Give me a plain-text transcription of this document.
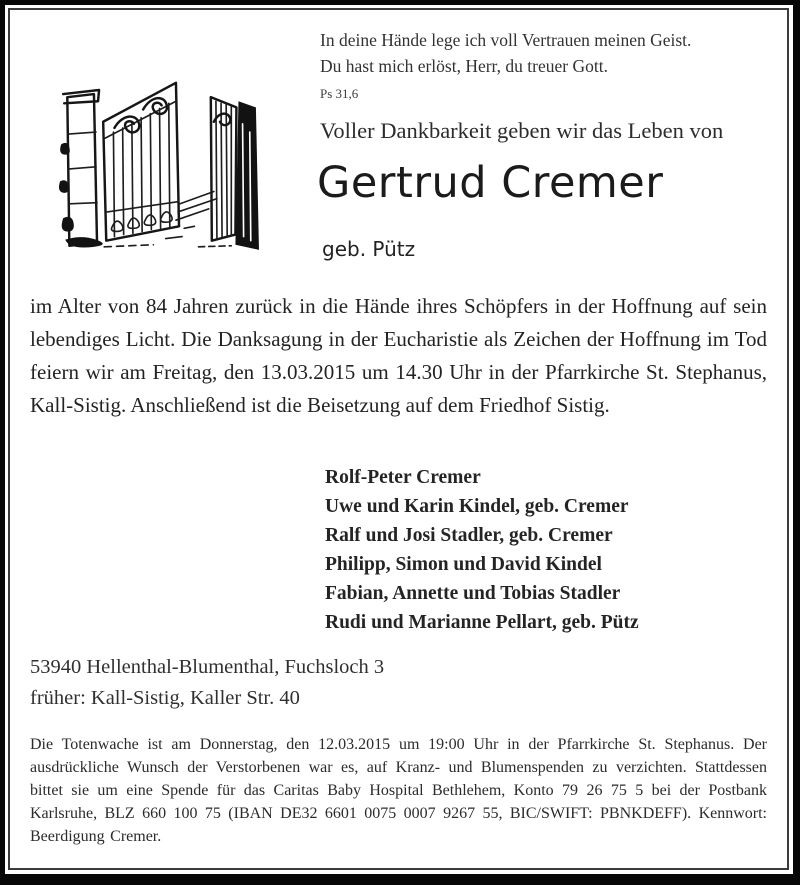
In deine Hände lege ich voll Vertrauen meinen Geist.
Du hast mich erlöst, Herr, du treuer Gott.
Ps 31,6
Voller Dankbarkeit geben wir das Leben von
Gertrud Cremer
geb. Pütz
im Alter von 84 Jahren zurück in die Hände ihres Schöpfers in der Hoffnung auf sein lebendiges Licht. Die Danksagung in der Eucharistie als Zeichen der Hoffnung im Tod feiern wir am Freitag, den 13.03.2015 um 14.30 Uhr in der Pfarrkirche St. Stephanus, Kall-Sistig. Anschließend ist die Beisetzung auf dem Friedhof Sistig.
Rolf-Peter Cremer
Uwe und Karin Kindel, geb. Cremer
Ralf und Josi Stadler, geb. Cremer
Philipp, Simon und David Kindel
Fabian, Annette und Tobias Stadler
Rudi und Marianne Pellart, geb. Pütz
53940 Hellenthal-Blumenthal, Fuchsloch 3
früher: Kall-Sistig, Kaller Str. 40
Die Totenwache ist am Donnerstag, den 12.03.2015 um 19:00 Uhr in der Pfarrkirche St. Stephanus. Der ausdrückliche Wunsch der Verstorbenen war es, auf Kranz- und Blumenspenden zu verzichten. Stattdessen bittet sie um eine Spende für das Caritas Baby Hospital Bethlehem, Konto 79 26 75 5 bei der Postbank Karlsruhe, BLZ 660 100 75 (IBAN DE32 6601 0075 0007 9267 55, BIC/SWIFT: PBNKDEFF). Kennwort: Beerdigung Cremer.
